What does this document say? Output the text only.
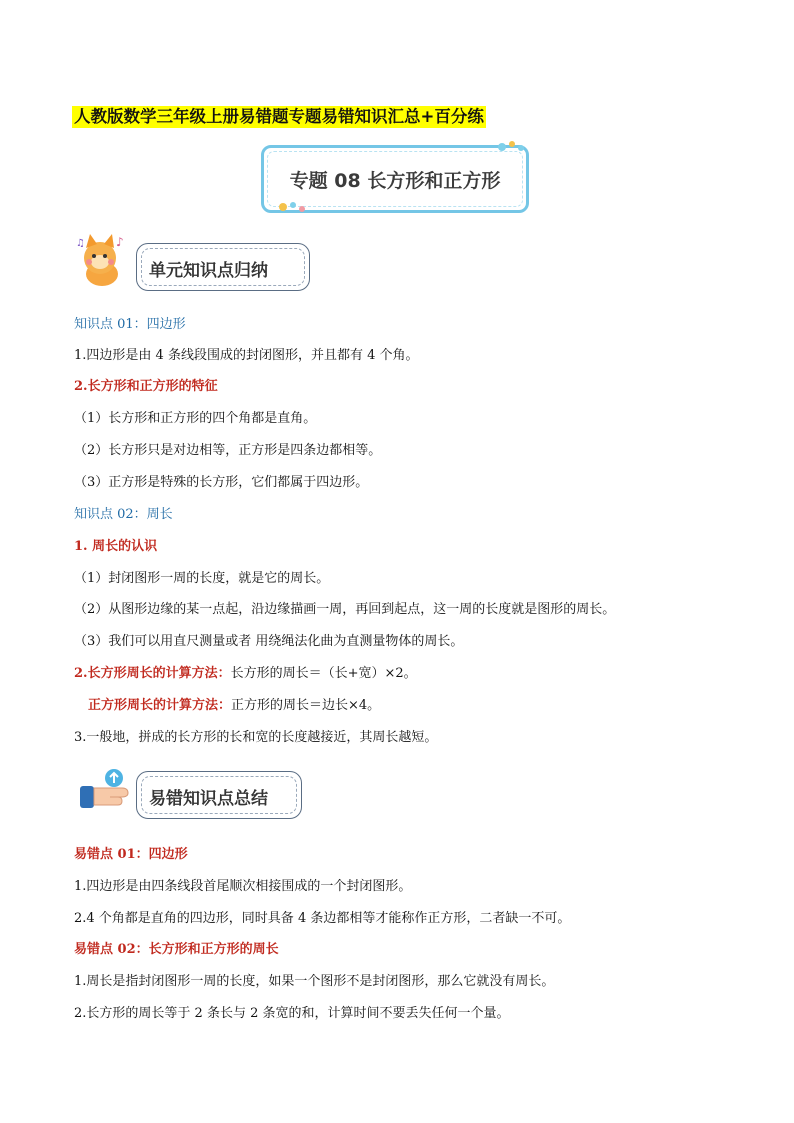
人教版数学三年级上册易错题专题易错知识汇总+百分练
专题 08 长方形和正方形
♪
♫
单元知识点归纳
知识点 01：四边形
1.四边形是由 4 条线段围成的封闭图形，并且都有 4 个角。
2.长方形和正方形的特征
（1）长方形和正方形的四个角都是直角。
（2）长方形只是对边相等，正方形是四条边都相等。
（3）正方形是特殊的长方形，它们都属于四边形。
知识点 02：周长
1. 周长的认识
（1）封闭图形一周的长度，就是它的周长。
（2）从图形边缘的某一点起，沿边缘描画一周，再回到起点，这一周的长度就是图形的周长。
（3）我们可以用直尺测量或者 用绕绳法化曲为直测量物体的周长。
2.长方形周长的计算方法：长方形的周长＝（长+宽）×2。
正方形周长的计算方法：正方形的周长＝边长×4。
3.一般地，拼成的长方形的长和宽的长度越接近，其周长越短。
易错知识点总结
易错点 01：四边形
1.四边形是由四条线段首尾顺次相接围成的一个封闭图形。
2.4 个角都是直角的四边形，同时具备 4 条边都相等才能称作正方形，二者缺一不可。
易错点 02：长方形和正方形的周长
1.周长是指封闭图形一周的长度，如果一个图形不是封闭图形，那么它就没有周长。
2.长方形的周长等于 2 条长与 2 条宽的和，计算时间不要丢失任何一个量。
